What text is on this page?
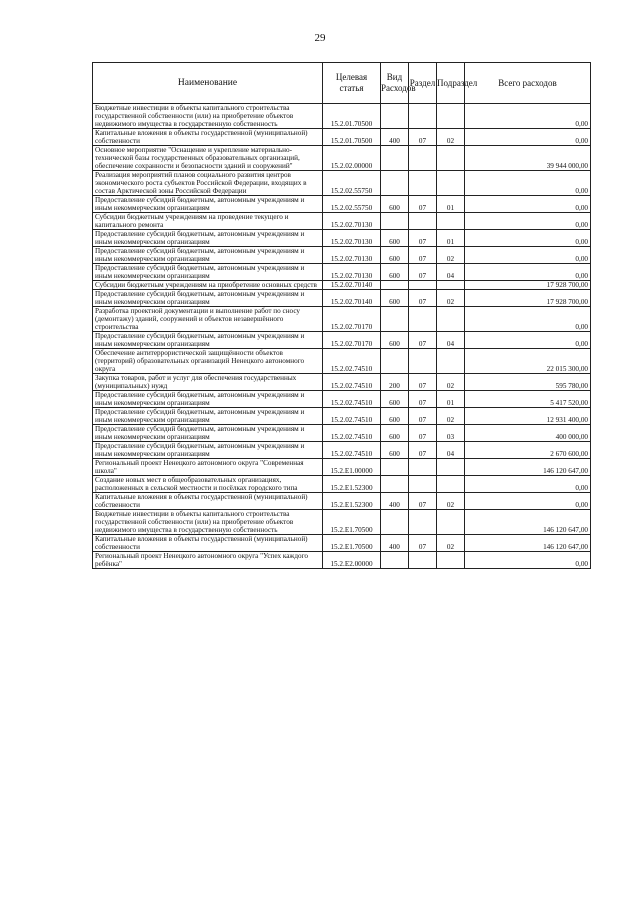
29
Наименование	Целевая статья	Вид Расходов	Раздел	Подраздел	Всего расходов
Бюджетные инвестиции в объекты капитального строительства государственной собственности (или) на приобретение объектов недвижимого имущества в государственную собственность	15.2.01.70500				0,00
Капитальные вложения в объекты государственной (муниципальной) собственности	15.2.01.70500	400	07	02	0,00
Основное мероприятие "Оснащение и укрепление материально-технической базы государственных образовательных организаций, обеспечение сохранности и безопасности зданий и сооружений"	15.2.02.00000				39 944 000,00
Реализация мероприятий планов социального развития центров экономического роста субъектов Российской Федерации, входящих в состав Арктической зоны Российской Федерации	15.2.02.55750				0,00
Предоставление субсидий бюджетным, автономным учреждениям и иным некоммерческим организациям	15.2.02.55750	600	07	01	0,00
Субсидии бюджетным учреждениям на проведение текущего и капитального ремонта	15.2.02.70130				0,00
Предоставление субсидий бюджетным, автономным учреждениям и иным некоммерческим организациям	15.2.02.70130	600	07	01	0,00
Предоставление субсидий бюджетным, автономным учреждениям и иным некоммерческим организациям	15.2.02.70130	600	07	02	0,00
Предоставление субсидий бюджетным, автономным учреждениям и иным некоммерческим организациям	15.2.02.70130	600	07	04	0,00
Субсидии бюджетным учреждениям на приобретение основных средств	15.2.02.70140				17 928 700,00
Предоставление субсидий бюджетным, автономным учреждениям и иным некоммерческим организациям	15.2.02.70140	600	07	02	17 928 700,00
Разработка проектной документации и выполнение работ по сносу (демонтажу) зданий, сооружений и объектов незавершённого строительства	15.2.02.70170				0,00
Предоставление субсидий бюджетным, автономным учреждениям и иным некоммерческим организациям	15.2.02.70170	600	07	04	0,00
Обеспечение антитеррористической защищённости объектов (территорий) образовательных организаций Ненецкого автономного округа	15.2.02.74510				22 015 300,00
Закупка товаров, работ и услуг для обеспечения государственных (муниципальных) нужд	15.2.02.74510	200	07	02	595 780,00
Предоставление субсидий бюджетным, автономным учреждениям и иным некоммерческим организациям	15.2.02.74510	600	07	01	5 417 520,00
Предоставление субсидий бюджетным, автономным учреждениям и иным некоммерческим организациям	15.2.02.74510	600	07	02	12 931 400,00
Предоставление субсидий бюджетным, автономным учреждениям и иным некоммерческим организациям	15.2.02.74510	600	07	03	400 000,00
Предоставление субсидий бюджетным, автономным учреждениям и иным некоммерческим организациям	15.2.02.74510	600	07	04	2 670 600,00
Региональный проект Ненецкого автономного округа "Современная школа"	15.2.E1.00000				146 120 647,00
Создание новых мест в общеобразовательных организациях, расположенных в сельской местности и посёлках городского типа	15.2.E1.52300				0,00
Капитальные вложения в объекты государственной (муниципальной) собственности	15.2.E1.52300	400	07	02	0,00
Бюджетные инвестиции в объекты капитального строительства государственной собственности (или) на приобретение объектов недвижимого имущества в государственную собственность	15.2.E1.70500				146 120 647,00
Капитальные вложения в объекты государственной (муниципальной) собственности	15.2.E1.70500	400	07	02	146 120 647,00
Региональный проект Ненецкого автономного округа "Успех каждого ребёнка"	15.2.E2.00000				0,00
